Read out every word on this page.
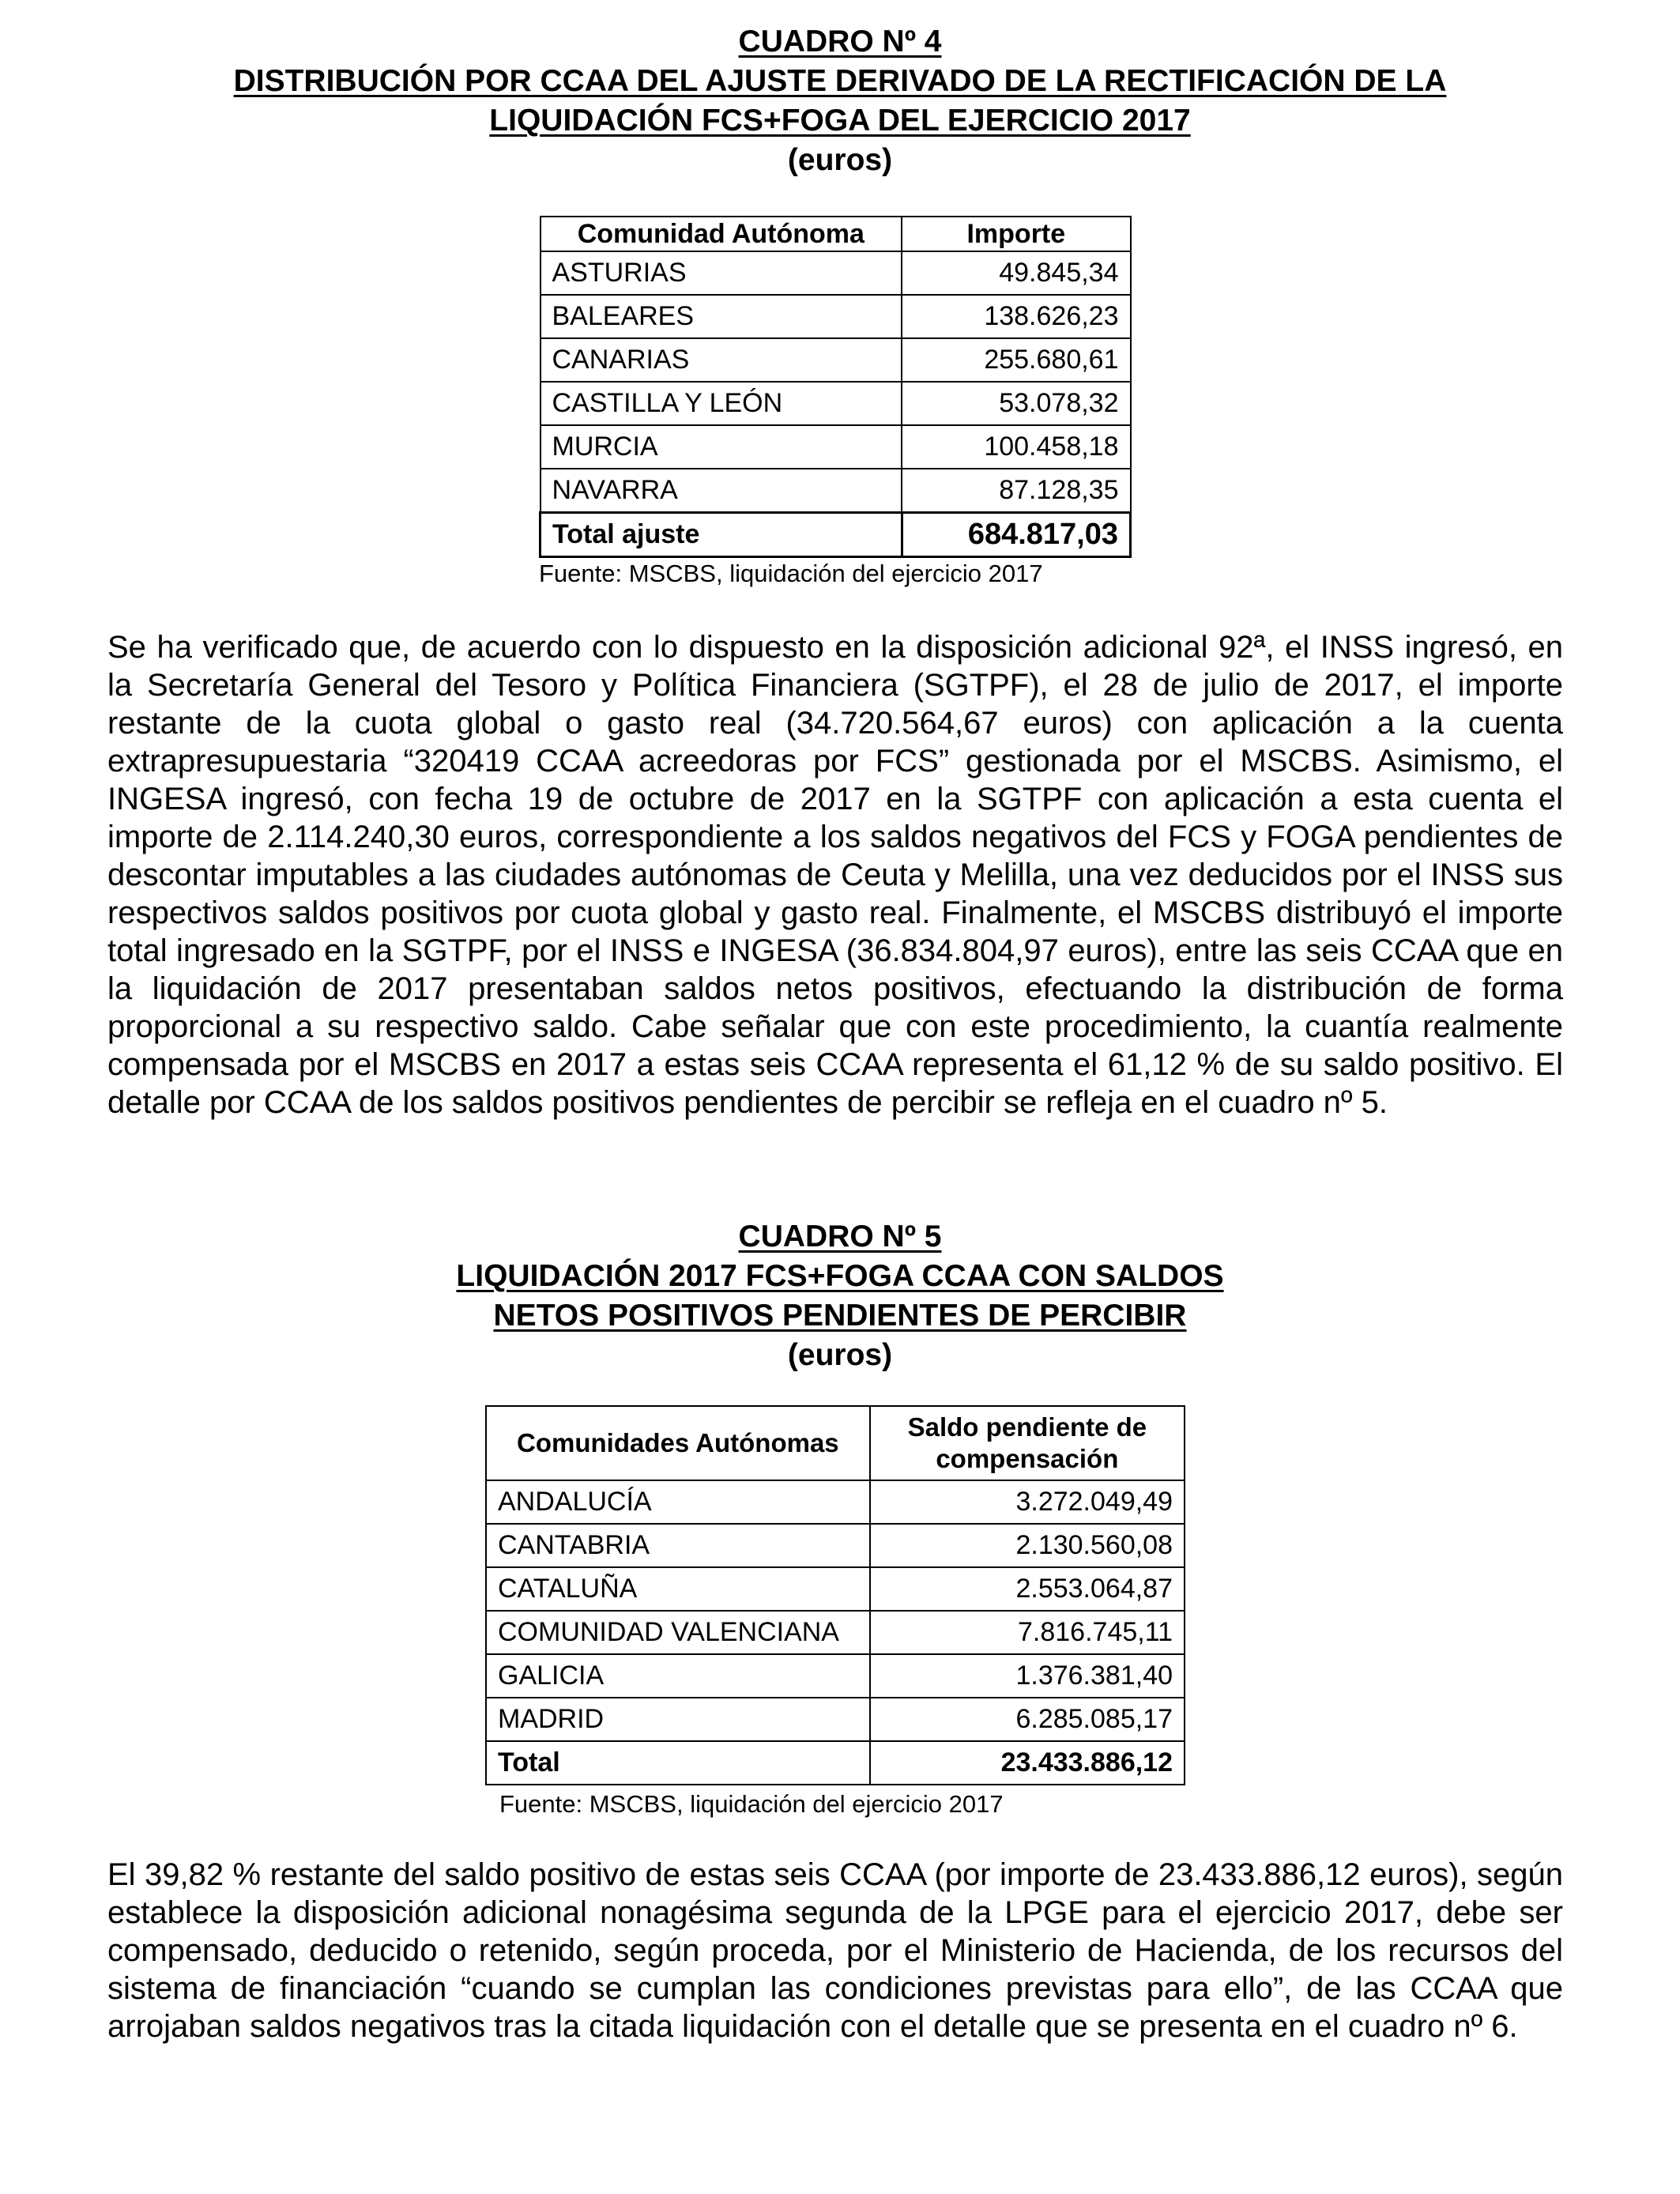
CUADRO Nº 4
DISTRIBUCIÓN POR CCAA DEL AJUSTE DERIVADO DE LA RECTIFICACIÓN DE LA
LIQUIDACIÓN FCS+FOGA DEL EJERCICIO 2017
(euros)
Comunidad Autónoma	Importe
ASTURIAS	49.845,34
BALEARES	138.626,23
CANARIAS	255.680,61
CASTILLA Y LEÓN	53.078,32
MURCIA	100.458,18
NAVARRA	87.128,35
Total ajuste	684.817,03
Fuente: MSCBS, liquidación del ejercicio 2017

Se ha verificado que, de acuerdo con lo dispuesto en la disposición adicional 92ª, el INSS ingresó, en la Secretaría General del Tesoro y Política Financiera (SGTPF), el 28 de julio de 2017, el importe restante de la cuota global o gasto real (34.720.564,67 euros) con aplicación a la cuenta extrapresupuestaria “320419 CCAA acreedoras por FCS” gestionada por el MSCBS. Asimismo, el INGESA ingresó, con fecha 19 de octubre de 2017 en la SGTPF con aplicación a esta cuenta el importe de 2.114.240,30 euros, correspondiente a los saldos negativos del FCS y FOGA pendientes de descontar imputables a las ciudades autónomas de Ceuta y Melilla, una vez deducidos por el INSS sus respectivos saldos positivos por cuota global y gasto real. Finalmente, el MSCBS distribuyó el importe total ingresado en la SGTPF, por el INSS e INGESA (36.834.804,97 euros), entre las seis CCAA que en la liquidación de 2017 presentaban saldos netos positivos, efectuando la distribución de forma proporcional a su respectivo saldo. Cabe señalar que con este procedimiento, la cuantía realmente compensada por el MSCBS en 2017 a estas seis CCAA representa el 61,12 % de su saldo positivo. El detalle por CCAA de los saldos positivos pendientes de percibir se refleja en el cuadro nº 5.

CUADRO Nº 5
LIQUIDACIÓN 2017 FCS+FOGA CCAA CON SALDOS
NETOS POSITIVOS PENDIENTES DE PERCIBIR
(euros)
Comunidades Autónomas	Saldo pendiente de compensación
ANDALUCÍA	3.272.049,49
CANTABRIA	2.130.560,08
CATALUÑA	2.553.064,87
COMUNIDAD VALENCIANA	7.816.745,11
GALICIA	1.376.381,40
MADRID	6.285.085,17
Total	23.433.886,12
Fuente: MSCBS, liquidación del ejercicio 2017

El 39,82 % restante del saldo positivo de estas seis CCAA (por importe de 23.433.886,12 euros), según establece la disposición adicional nonagésima segunda de la LPGE para el ejercicio 2017, debe ser compensado, deducido o retenido, según proceda, por el Ministerio de Hacienda, de los recursos del sistema de financiación “cuando se cumplan las condiciones previstas para ello”, de las CCAA que arrojaban saldos negativos tras la citada liquidación con el detalle que se presenta en el cuadro nº 6.
